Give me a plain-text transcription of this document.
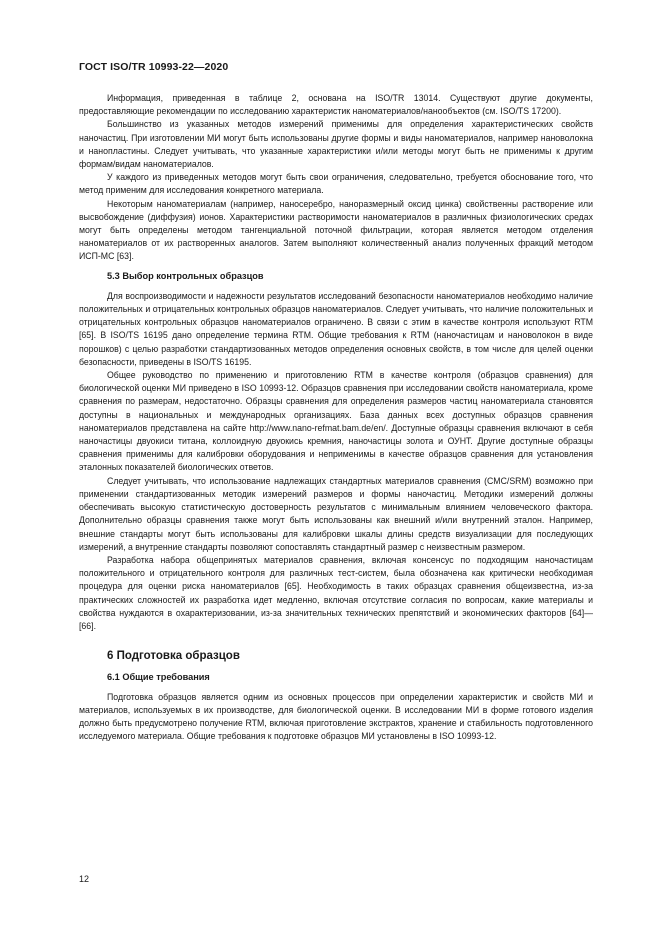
ГОСТ ISO/TR 10993-22—2020

Информация, приведенная в таблице 2, основана на ISO/TR 13014. Существуют другие документы, предоставляющие рекомендации по исследованию характеристик наноматериалов/нанообъектов (см. ISO/TS 17200).

Большинство из указанных методов измерений применимы для определения характеристических свойств наночастиц. При изготовлении МИ могут быть использованы другие формы и виды наноматериалов, например нановолокна и нанопластины. Следует учитывать, что указанные характеристики и/или методы могут быть не применимы к другим формам/видам наноматериалов.

У каждого из приведенных методов могут быть свои ограничения, следовательно, требуется обоснование того, что метод применим для исследования конкретного материала.

Некоторым наноматериалам (например, наносеребро, наноразмерный оксид цинка) свойственны растворение или высвобождение (диффузия) ионов. Характеристики растворимости наноматериалов в различных физиологических средах могут быть определены методом тангенциальной поточной фильтрации, которая является методом отделения наноматериалов от их растворенных аналогов. Затем выполняют количественный анализ полученных фракций методом ИСП-МС [63].

5.3 Выбор контрольных образцов

Для воспроизводимости и надежности результатов исследований безопасности наноматериалов необходимо наличие положительных и отрицательных контрольных образцов наноматериалов. Следует учитывать, что наличие положительных и отрицательных контрольных образцов наноматериалов ограничено. В связи с этим в качестве контроля используют RTM [65]. В ISO/TS 16195 дано определение термина RTM. Общие требования к RTM (наночастицам и нановолокон в виде порошков) с целью разработки стандартизованных методов определения основных свойств, в том числе для целей оценки безопасности, приведены в ISO/TS 16195.

Общее руководство по применению и приготовлению RTM в качестве контроля (образцов сравнения) для биологической оценки МИ приведено в ISO 10993-12. Образцов сравнения при исследовании свойств наноматериала, кроме сравнения по размерам, недостаточно. Образцы сравнения для определения размеров частиц наноматериала становятся доступны в национальных и международных организациях. База данных всех доступных образцов сравнения наноматериалов представлена на сайте http://www.nano-refmat.bam.de/en/. Доступные образцы сравнения включают в себя наночастицы двуокиси титана, коллоидную двуокись кремния, наночастицы золота и ОУНТ. Другие доступные образцы сравнения применимы для калибровки оборудования и неприменимы в качестве образцов сравнения для установления эталонных показателей биологических ответов.

Следует учитывать, что использование надлежащих стандартных материалов сравнения (CMC/SRM) возможно при применении стандартизованных методик измерений размеров и формы наночастиц. Методики измерений должны обеспечивать высокую статистическую достоверность результатов с минимальным влиянием человеческого фактора. Дополнительно образцы сравнения также могут быть использованы как внешний и/или внутренний эталон. Например, внешние стандарты могут быть использованы для калибровки шкалы длины средств визуализации для последующих измерений, а внутренние стандарты позволяют сопоставлять стандартный размер с неизвестным размером.

Разработка набора общепринятых материалов сравнения, включая консенсус по подходящим наночастицам положительного и отрицательного контроля для различных тест-систем, была обозначена как критически необходимая процедура для оценки риска наноматериалов [65]. Необходимость в таких образцах сравнения общеизвестна, из-за практических сложностей их разработка идет медленно, включая отсутствие согласия по вопросам, какие материалы и свойства нуждаются в охарактеризовании, из-за значительных технических препятствий и экономических факторов [64]—[66].

6 Подготовка образцов

6.1 Общие требования

Подготовка образцов является одним из основных процессов при определении характеристик и свойств МИ и материалов, используемых в их производстве, для биологической оценки. В исследовании МИ в форме готового изделия должно быть предусмотрено получение RTM, включая приготовление экстрактов, хранение и стабильность подготовленного исследуемого материала. Общие требования к подготовке образцов МИ установлены в ISO 10993-12.

12
